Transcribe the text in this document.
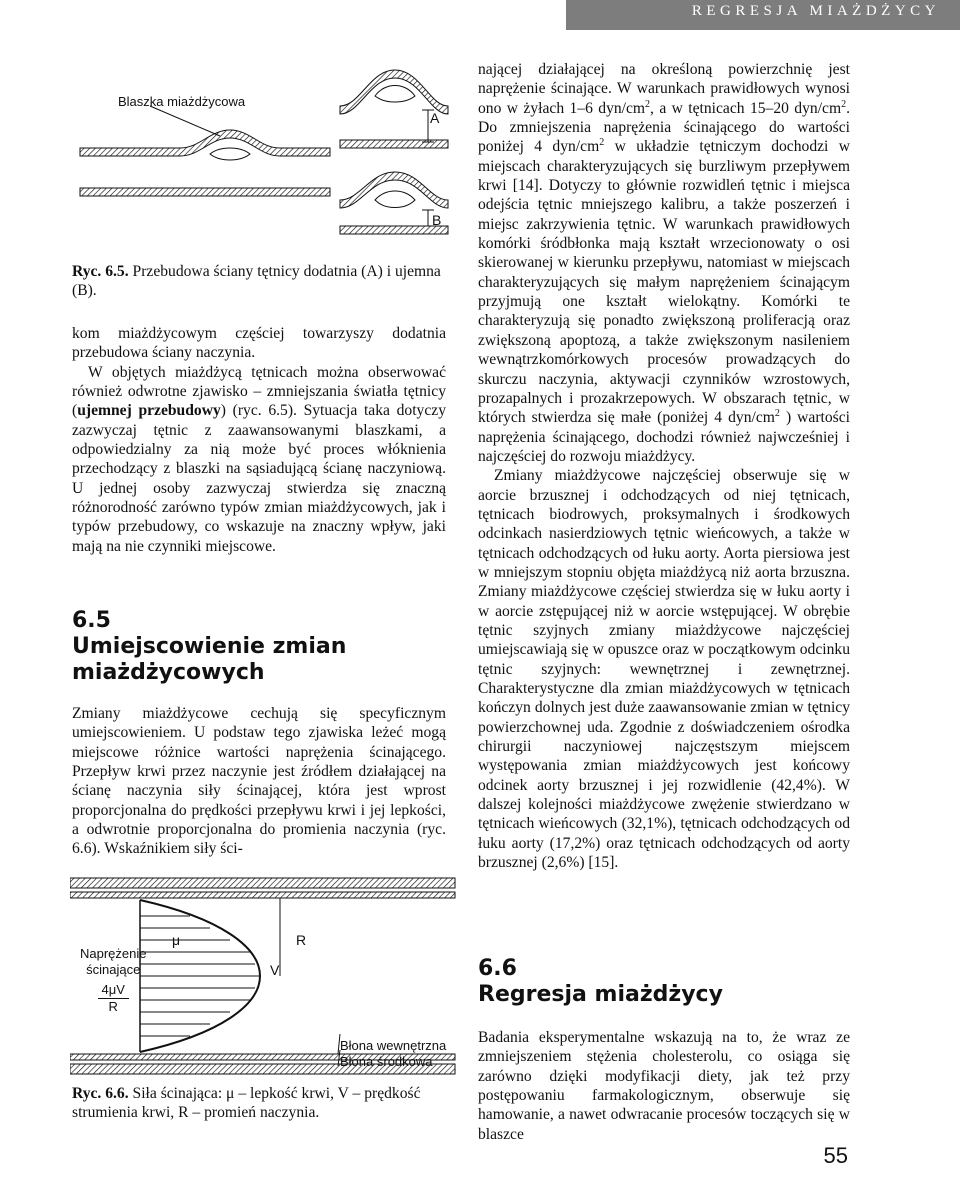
REGRESJA MIAŻDŻYCY
Blaszka miażdżycowa
A
B
Ryc. 6.5. Przebudowa ściany tętnicy dodatnia (A) i ujemna (B).

kom miażdżycowym częściej towarzyszy dodatnia przebudowa ściany naczynia.

W objętych miażdżycą tętnicach można obserwować również odwrotne zjawisko – zmniejszania światła tętnicy (ujemnej przebudowy) (ryc. 6.5). Sytuacja taka dotyczy zazwyczaj tętnic z zaawansowanymi blaszkami, a odpowiedzialny za nią może być proces włóknienia przechodzący z blaszki na sąsiadującą ścianę naczyniową. U jednej osoby zazwyczaj stwierdza się znaczną różnorodność zarówno typów zmian miażdżycowych, jak i typów przebudowy, co wskazuje na znaczny wpływ, jaki mają na nie czynniki miejscowe.

6.5
Umiejscowienie zmian miażdżycowych

Zmiany miażdżycowe cechują się specyficznym umiejscowieniem. U podstaw tego zjawiska leżeć mogą miejscowe różnice wartości naprężenia ścinającego. Przepływ krwi przez naczynie jest źródłem działającej na ścianę naczynia siły ścinającej, która jest wprost proporcjonalna do prędkości przepływu krwi i jej lepkości, a odwrotnie proporcjonalna do promienia naczynia (ryc. 6.6). Wskaźnikiem siły ści-

Naprężenie
ścinające
4μV
R
μ	R
V
Błona wewnętrzna
Błona środkowa
Ryc. 6.6. Siła ścinająca: μ – lepkość krwi, V – prędkość strumienia krwi, R – promień naczynia.

nającej działającej na określoną powierzchnię jest naprężenie ścinające. W warunkach prawidłowych wynosi ono w żyłach 1–6 dyn/$cm^2$, a w tętnicach 15–20 dyn/$cm^2$. Do zmniejszenia naprężenia ścinającego do wartości poniżej 4 dyn/$cm^2$ w układzie tętniczym dochodzi w miejscach charakteryzujących się burzliwym przepływem krwi [14]. Dotyczy to głównie rozwidleń tętnic i miejsca odejścia tętnic mniejszego kalibru, a także poszerzeń i miejsc zakrzywienia tętnic. W warunkach prawidłowych komórki śródbłonka mają kształt wrzecionowaty o osi skierowanej w kierunku przepływu, natomiast w miejscach charakteryzujących się małym naprężeniem ścinającym przyjmują one kształt wielokątny. Komórki te charakteryzują się ponadto zwiększoną proliferacją oraz zwiększoną apoptozą, a także zwiększonym nasileniem wewnątrzkomórkowych procesów prowadzących do skurczu naczynia, aktywacji czynników wzrostowych, prozapalnych i prozakrzepowych. W obszarach tętnic, w których stwierdza się małe (poniżej 4 dyn/$cm^2$ ) wartości naprężenia ścinającego, dochodzi również najwcześniej i najczęściej do rozwoju miażdżycy.

Zmiany miażdżycowe najczęściej obserwuje się w aorcie brzusznej i odchodzących od niej tętnicach, tętnicach biodrowych, proksymalnych i środkowych odcinkach nasierdziowych tętnic wieńcowych, a także w tętnicach odchodzących od łuku aorty. Aorta piersiowa jest w mniejszym stopniu objęta miażdżycą niż aorta brzuszna. Zmiany miażdżycowe częściej stwierdza się w łuku aorty i w aorcie zstępującej niż w aorcie wstępującej. W obrębie tętnic szyjnych zmiany miażdżycowe najczęściej umiejscawiają się w opuszce oraz w początkowym odcinku tętnic szyjnych: wewnętrznej i zewnętrznej. Charakterystyczne dla zmian miażdżycowych w tętnicach kończyn dolnych jest duże zaawansowanie zmian w tętnicy powierzchownej uda. Zgodnie z doświadczeniem ośrodka chirurgii naczyniowej najczęstszym miejscem występowania zmian miażdżycowych jest końcowy odcinek aorty brzusznej i jej rozwidlenie (42,4%). W dalszej kolejności miażdżycowe zwężenie stwierdzano w tętnicach wieńcowych (32,1%), tętnicach odchodzących od łuku aorty (17,2%) oraz tętnicach odchodzących od aorty brzusznej (2,6%) [15].

6.6
Regresja miażdżycy

Badania eksperymentalne wskazują na to, że wraz ze zmniejszeniem stężenia cholesterolu, co osiąga się zarówno dzięki modyfikacji diety, jak też przy postępowaniu farmakologicznym, obserwuje się hamowanie, a nawet odwracanie procesów toczących się w blaszce

55
